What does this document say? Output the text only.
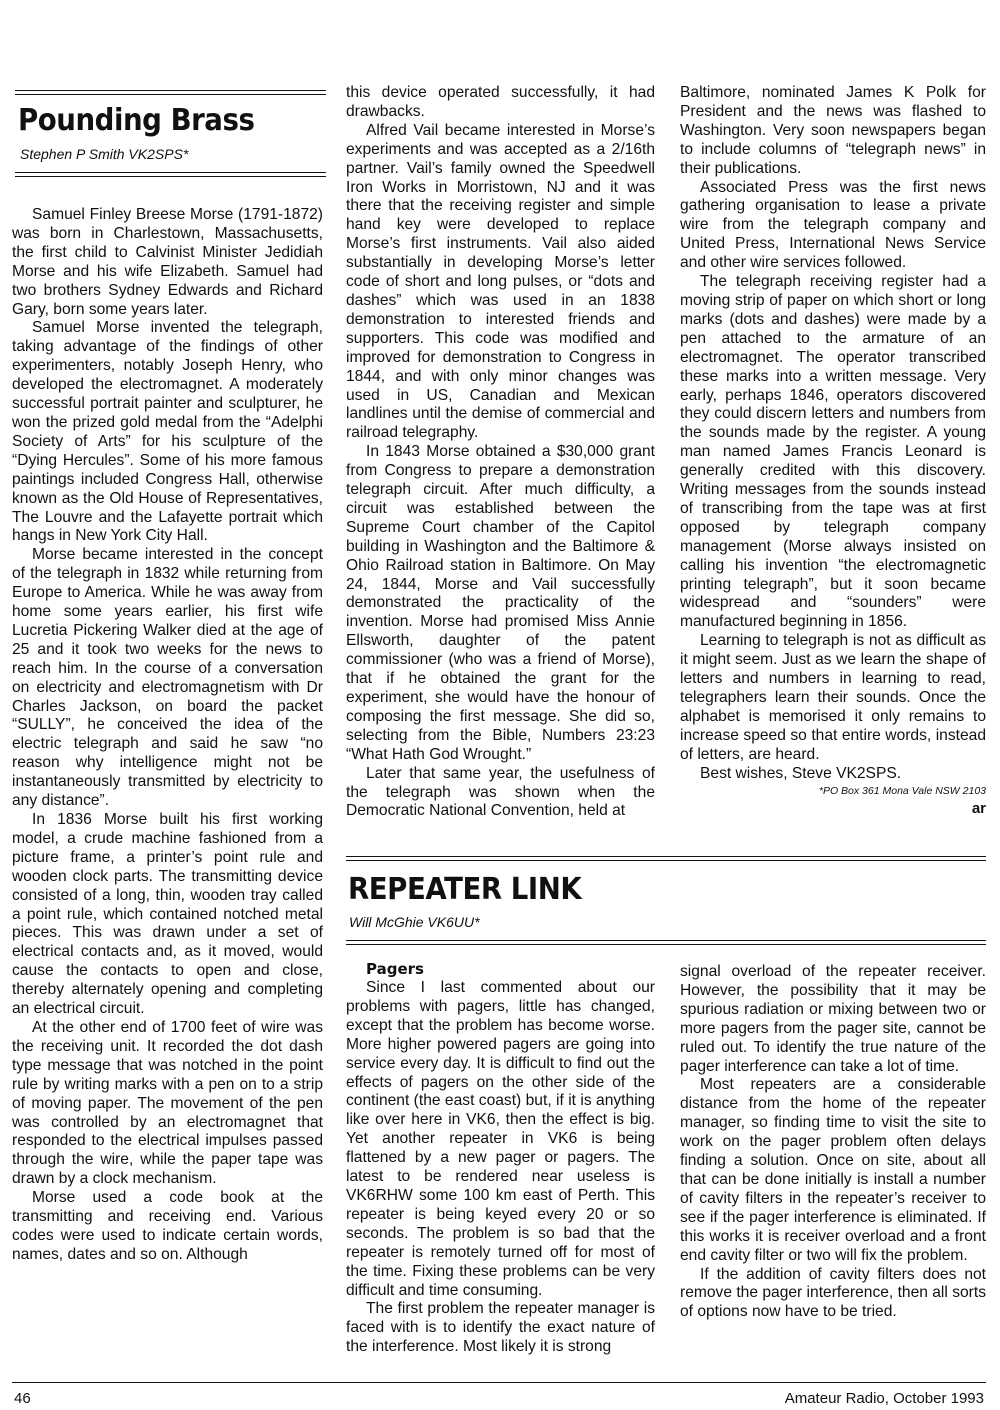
Pounding Brass

Stephen P Smith VK2SPS*

Samuel Finley Breese Morse (1791-1872) was born in Charlestown, Massachusetts, the first child to Calvinist Minister Jedidiah Morse and his wife Elizabeth. Samuel had two brothers Sydney Edwards and Richard Gary, born some years later.

Samuel Morse invented the telegraph, taking advantage of the findings of other experimenters, notably Joseph Henry, who developed the electromagnet. A moderately successful portrait painter and sculpturer, he won the prized gold medal from the “Adelphi Society of Arts” for his sculpture of the “Dying Hercules”. Some of his more famous paintings included Congress Hall, otherwise known as the Old House of Representatives, The Louvre and the Lafayette portrait which hangs in New York City Hall.

Morse became interested in the concept of the telegraph in 1832 while returning from Europe to America. While he was away from home some years earlier, his first wife Lucretia Pickering Walker died at the age of 25 and it took two weeks for the news to reach him. In the course of a conversation on electricity and electromagnetism with Dr Charles Jackson, on board the packet “SULLY”, he conceived the idea of the electric telegraph and said he saw “no reason why intelligence might not be instantaneously transmitted by electricity to any distance”.

In 1836 Morse built his first working model, a crude machine fashioned from a picture frame, a printer’s point rule and wooden clock parts. The transmitting device consisted of a long, thin, wooden tray called a point rule, which contained notched metal pieces. This was drawn under a set of electrical contacts and, as it moved, would cause the contacts to open and close, thereby alternately opening and completing an electrical circuit.

At the other end of 1700 feet of wire was the receiving unit. It recorded the dot dash type message that was notched in the point rule by writing marks with a pen on to a strip of moving paper. The movement of the pen was controlled by an electromagnet that responded to the electrical impulses passed through the wire, while the paper tape was drawn by a clock mechanism.

Morse used a code book at the transmitting and receiving end. Various codes were used to indicate certain words, names, dates and so on. Although

this device operated successfully, it had drawbacks.

Alfred Vail became interested in Morse’s experiments and was accepted as a 2/16th partner. Vail’s family owned the Speedwell Iron Works in Morristown, NJ and it was there that the receiving register and simple hand key were developed to replace Morse’s first instruments. Vail also aided substantially in developing Morse’s letter code of short and long pulses, or “dots and dashes” which was used in an 1838 demonstration to interested friends and supporters. This code was modified and improved for demonstration to Congress in 1844, and with only minor changes was used in US, Canadian and Mexican landlines until the demise of commercial and railroad telegraphy.

In 1843 Morse obtained a $30,000 grant from Congress to prepare a demonstration telegraph circuit. After much difficulty, a circuit was established between the Supreme Court chamber of the Capitol building in Washington and the Baltimore & Ohio Railroad station in Baltimore. On May 24, 1844, Morse and Vail successfully demonstrated the practicality of the invention. Morse had promised Miss Annie Ellsworth, daughter of the patent commissioner (who was a friend of Morse), that if he obtained the grant for the experiment, she would have the honour of composing the first message. She did so, selecting from the Bible, Numbers 23:23 “What Hath God Wrought.”

Later that same year, the usefulness of the telegraph was shown when the Democratic National Convention, held at

Baltimore, nominated James K Polk for President and the news was flashed to Washington. Very soon newspapers began to include columns of “telegraph news” in their publications.

Associated Press was the first news gathering organisation to lease a private wire from the telegraph company and United Press, International News Service and other wire services followed.

The telegraph receiving register had a moving strip of paper on which short or long marks (dots and dashes) were made by a pen attached to the armature of an electromagnet. The operator transcribed these marks into a written message. Very early, perhaps 1846, operators discovered they could discern letters and numbers from the sounds made by the register. A young man named James Francis Leonard is generally credited with this discovery. Writing messages from the sounds instead of transcribing from the tape was at first opposed by telegraph company management (Morse always insisted on calling his invention “the electromagnetic printing telegraph”, but it soon became widespread and “sounders” were manufactured beginning in 1856.

Learning to telegraph is not as difficult as it might seem. Just as we learn the shape of letters and numbers in learning to read, telegraphers learn their sounds. Once the alphabet is memorised it only remains to increase speed so that entire words, instead of letters, are heard.

Best wishes, Steve VK2SPS.

*PO Box 361 Mona Vale NSW 2103

ar

REPEATER LINK

Will McGhie VK6UU*

Pagers

Since I last commented about our problems with pagers, little has changed, except that the problem has become worse. More higher powered pagers are going into service every day. It is difficult to find out the effects of pagers on the other side of the continent (the east coast) but, if it is anything like over here in VK6, then the effect is big. Yet another repeater in VK6 is being flattened by a new pager or pagers. The latest to be rendered near useless is VK6RHW some 100 km east of Perth. This repeater is being keyed every 20 or so seconds. The problem is so bad that the repeater is remotely turned off for most of the time. Fixing these problems can be very difficult and time consuming.

The first problem the repeater manager is faced with is to identify the exact nature of the interference. Most likely it is strong

signal overload of the repeater receiver. However, the possibility that it may be spurious radiation or mixing between two or more pagers from the pager site, cannot be ruled out. To identify the true nature of the pager interference can take a lot of time.

Most repeaters are a considerable distance from the home of the repeater manager, so finding time to visit the site to work on the pager problem often delays finding a solution. Once on site, about all that can be done initially is install a number of cavity filters in the repeater’s receiver to see if the pager interference is eliminated. If this works it is receiver overload and a front end cavity filter or two will fix the problem.

If the addition of cavity filters does not remove the pager interference, then all sorts of options now have to be tried.

46	Amateur Radio, October 1993
